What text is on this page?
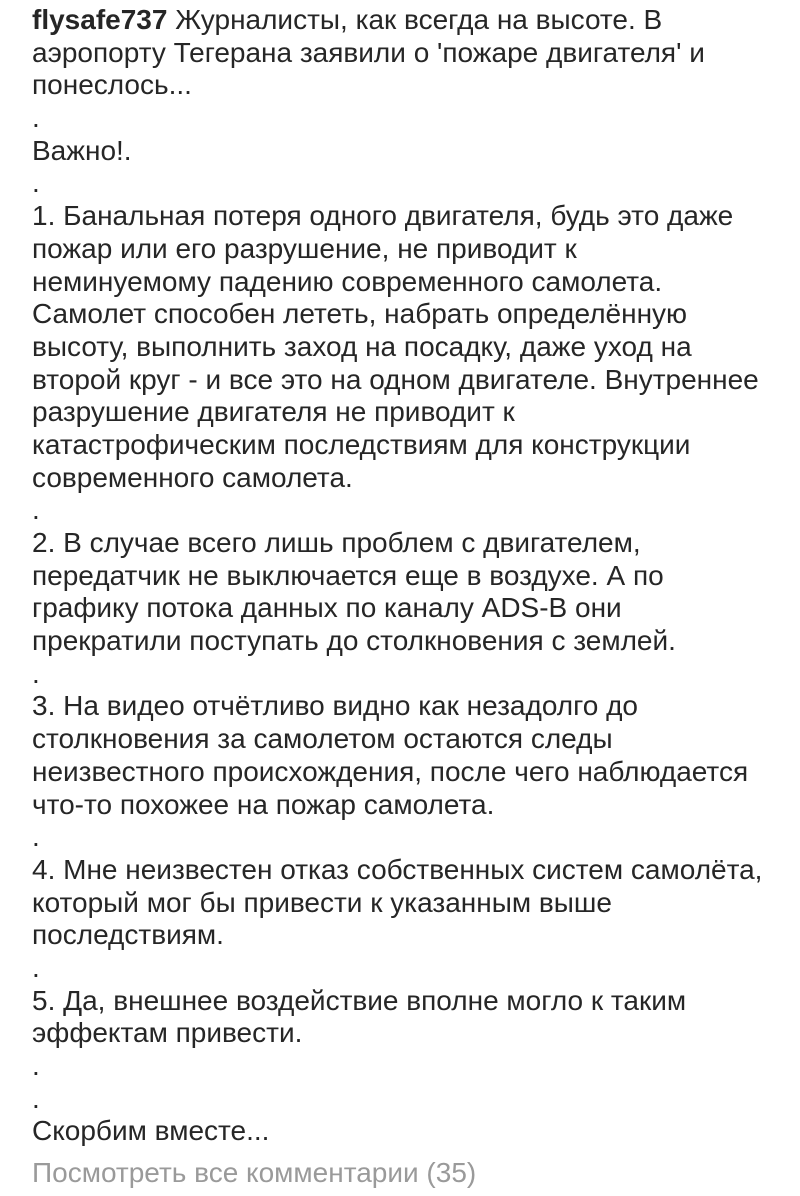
flysafe737 Журналисты, как всегда на высоте. В
аэропорту Тегерана заявили о 'пожаре двигателя' и
понеслось...
.
Важно!.
.
1. Банальная потеря одного двигателя, будь это даже
пожар или его разрушение, не приводит к
неминуемому падению современного самолета.
Самолет способен лететь, набрать определённую
высоту, выполнить заход на посадку, даже уход на
второй круг - и все это на одном двигателе. Внутреннее
разрушение двигателя не приводит к
катастрофическим последствиям для конструкции
современного самолета.
.
2. В случае всего лишь проблем с двигателем,
передатчик не выключается еще в воздухе. А по
графику потока данных по каналу ADS-B они
прекратили поступать до столкновения с землей.
.
3. На видео отчётливо видно как незадолго до
столкновения за самолетом остаются следы
неизвестного происхождения, после чего наблюдается
что-то похожее на пожар самолета.
.
4. Мне неизвестен отказ собственных систем самолёта,
который мог бы привести к указанным выше
последствиям.
.
5. Да, внешнее воздействие вполне могло к таким
эффектам привести.
.
.
Скорбим вместе...
Посмотреть все комментарии (35)
